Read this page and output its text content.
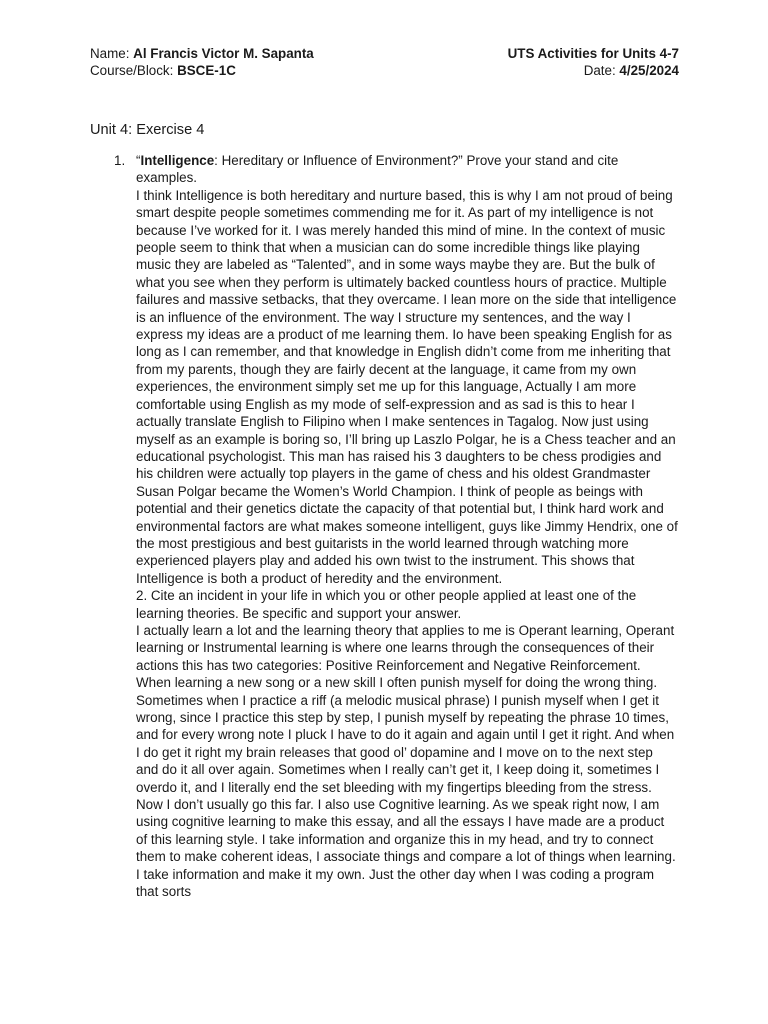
Name: Al Francis Victor M. Sapanta
Course/Block: BSCE-1C
UTS Activities for Units 4-7
Date: 4/25/2024
Unit 4: Exercise 4
1. “Intelligence: Hereditary or Influence of Environment?” Prove your stand and cite examples.

I think Intelligence is both hereditary and nurture based, this is why I am not proud of being smart despite people sometimes commending me for it. As part of my intelligence is not because I’ve worked for it. I was merely handed this mind of mine. In the context of music people seem to think that when a musician can do some incredible things like playing music they are labeled as “Talented”, and in some ways maybe they are. But the bulk of what you see when they perform is ultimately backed countless hours of practice. Multiple failures and massive setbacks, that they overcame. I lean more on the side that intelligence is an influence of the environment. The way I structure my sentences, and the way I express my ideas are a product of me learning them. Io have been speaking English for as long as I can remember, and that knowledge in English didn’t come from me inheriting that from my parents, though they are fairly decent at the language, it came from my own experiences, the environment simply set me up for this language, Actually I am more comfortable using English as my mode of self-expression and as sad is this to hear I actually translate English to Filipino when I make sentences in Tagalog. Now just using myself as an example is boring so, I’ll bring up Laszlo Polgar, he is a Chess teacher and an educational psychologist. This man has raised his 3 daughters to be chess prodigies and his children were actually top players in the game of chess and his oldest Grandmaster Susan Polgar became the Women’s World Champion. I think of people as beings with potential and their genetics dictate the capacity of that potential but, I think hard work and environmental factors are what makes someone intelligent, guys like Jimmy Hendrix, one of the most prestigious and best guitarists in the world learned through watching more experienced players play and added his own twist to the instrument. This shows that Intelligence is both a product of heredity and the environment.

2. Cite an incident in your life in which you or other people applied at least one of the learning theories. Be specific and support your answer.

I actually learn a lot and the learning theory that applies to me is Operant learning, Operant learning or Instrumental learning is where one learns through the consequences of their actions this has two categories: Positive Reinforcement and Negative Reinforcement. When learning a new song or a new skill I often punish myself for doing the wrong thing. Sometimes when I practice a riff (a melodic musical phrase) I punish myself when I get it wrong, since I practice this step by step, I punish myself by repeating the phrase 10 times, and for every wrong note I pluck I have to do it again and again until I get it right. And when I do get it right my brain releases that good ol’ dopamine and I move on to the next step and do it all over again. Sometimes when I really can’t get it, I keep doing it, sometimes I overdo it, and I literally end the set bleeding with my fingertips bleeding from the stress. Now I don’t usually go this far. I also use Cognitive learning. As we speak right now, I am using cognitive learning to make this essay, and all the essays I have made are a product of this learning style. I take information and organize this in my head, and try to connect them to make coherent ideas, I associate things and compare a lot of things when learning. I take information and make it my own. Just the other day when I was coding a program that sorts
